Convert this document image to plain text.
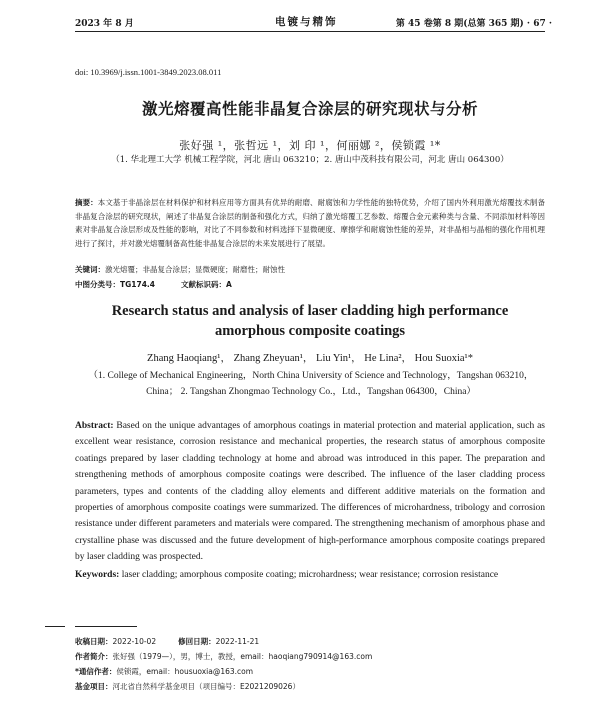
2023 年 8 月	电镀与精饰	第 45 卷第 8 期(总第 365 期) · 67 ·
doi: 10.3969/j.issn.1001-3849.2023.08.011
激光熔覆高性能非晶复合涂层的研究现状与分析
张好强 ¹，张哲远 ¹，刘 印 ¹，何丽娜 ²，侯锁霞 ¹*
（1. 华北理工大学 机械工程学院，河北 唐山 063210；2. 唐山中茂科技有限公司，河北 唐山 064300）
摘要：本文基于非晶涂层在材料保护和材料应用等方面具有优异的耐磨、耐腐蚀和力学性能的独特优势，介绍了国内外利用激光熔覆技术制备非晶复合涂层的研究现状，阐述了非晶复合涂层的制备和强化方式，归纳了激光熔覆工艺参数、熔覆合金元素种类与含量、不同添加材料等因素对非晶复合涂层形成及性能的影响，对比了不同参数和材料选择下显微硬度、摩擦学和耐腐蚀性能的差异，对非晶相与晶相的强化作用机理进行了探讨，并对激光熔覆制备高性能非晶复合涂层的未来发展进行了展望。
关键词：激光熔覆；非晶复合涂层；显微硬度；耐磨性；耐蚀性
中图分类号：TG174.4	文献标识码：A
Research status and analysis of laser cladding high performance
amorphous composite coatings
Zhang Haoqiang¹， Zhang Zheyuan¹， Liu Yin¹， He Lina²， Hou Suoxia¹*
（1. College of Mechanical Engineering，North China University of Science and Technology，Tangshan 063210，China； 2. Tangshan Zhongmao Technology Co.，Ltd.，Tangshan 064300，China）
Abstract: Based on the unique advantages of amorphous coatings in material protection and material application, such as excellent wear resistance, corrosion resistance and mechanical properties, the research status of amorphous composite coatings prepared by laser cladding technology at home and abroad was introduced in this paper. The preparation and strengthening methods of amorphous composite coatings were described. The influence of the laser cladding process parameters, types and contents of the cladding alloy elements and different additive materials on the formation and properties of amorphous composite coatings were summarized. The differences of microhardness, tribology and corrosion resistance under different parameters and materials were compared. The strengthening mechanism of amorphous phase and crystalline phase was discussed and the future development of high-performance amorphous composite coatings prepared by laser cladding was prospected.
Keywords: laser cladding; amorphous composite coating; microhardness; wear resistance; corrosion resistance
收稿日期：2022-10-02	修回日期：2022-11-21
作者简介：张好强（1979—），男，博士，教授，email：haoqiang790914@163.com
*通信作者：侯锁霞，email：housuoxia@163.com
基金项目：河北省自然科学基金项目（项目编号：E2021209026）
